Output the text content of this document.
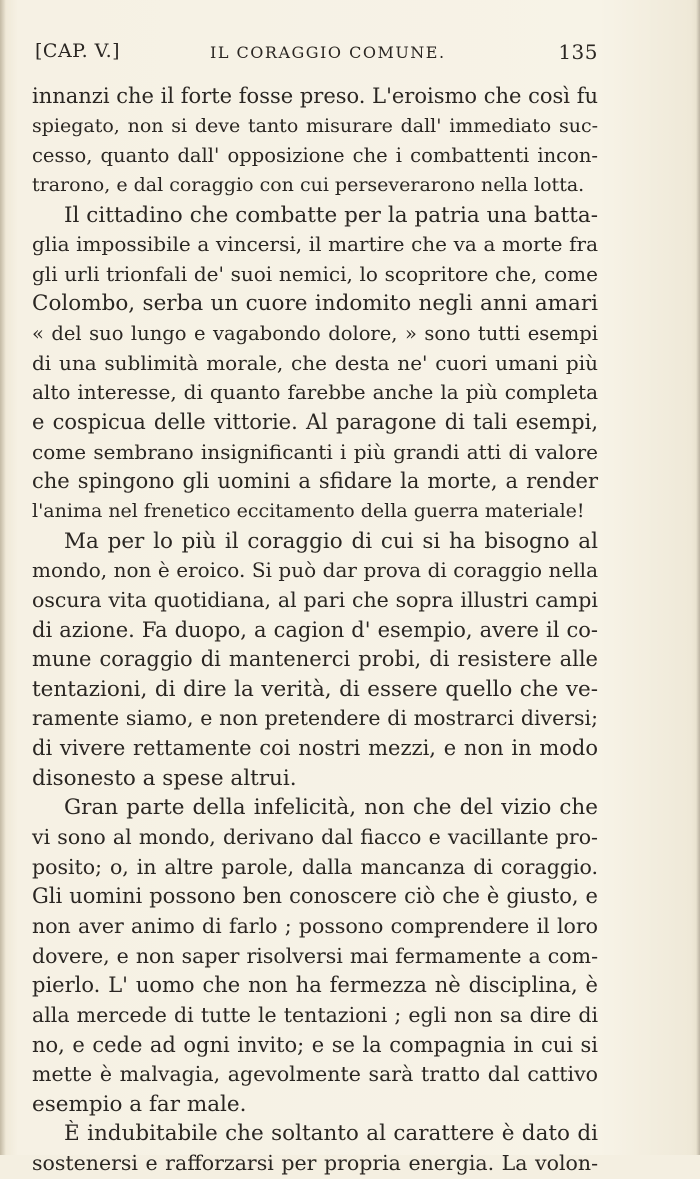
[CAP. V.]	IL CORAGGIO COMUNE.	135
innanzi che il forte fosse preso. L'eroismo che così fu
spiegato, non si deve tanto misurare dall' immediato suc-
cesso, quanto dall' opposizione che i combattenti incon-
trarono, e dal coraggio con cui perseverarono nella lotta.
Il cittadino che combatte per la patria una batta-
glia impossibile a vincersi, il martire che va a morte fra
gli urli trionfali de' suoi nemici, lo scopritore che, come
Colombo, serba un cuore indomito negli anni amari
« del suo lungo e vagabondo dolore, » sono tutti esempi
di una sublimità morale, che desta ne' cuori umani più
alto interesse, di quanto farebbe anche la più completa
e cospicua delle vittorie. Al paragone di tali esempi,
come sembrano insignificanti i più grandi atti di valore
che spingono gli uomini a sfidare la morte, a render
l'anima nel frenetico eccitamento della guerra materiale!
Ma per lo più il coraggio di cui si ha bisogno al
mondo, non è eroico. Si può dar prova di coraggio nella
oscura vita quotidiana, al pari che sopra illustri campi
di azione. Fa duopo, a cagion d' esempio, avere il co-
mune coraggio di mantenerci probi, di resistere alle
tentazioni, di dire la verità, di essere quello che ve-
ramente siamo, e non pretendere di mostrarci diversi;
di vivere rettamente coi nostri mezzi, e non in modo
disonesto a spese altrui.
Gran parte della infelicità, non che del vizio che
vi sono al mondo, derivano dal fiacco e vacillante pro-
posito; o, in altre parole, dalla mancanza di coraggio.
Gli uomini possono ben conoscere ciò che è giusto, e
non aver animo di farlo ; possono comprendere il loro
dovere, e non saper risolversi mai fermamente a com-
pierlo. L' uomo che non ha fermezza nè disciplina, è
alla mercede di tutte le tentazioni ; egli non sa dire di
no, e cede ad ogni invito; e se la compagnia in cui si
mette è malvagia, agevolmente sarà tratto dal cattivo
esempio a far male.
È indubitabile che soltanto al carattere è dato di
sostenersi e rafforzarsi per propria energia. La volon-
